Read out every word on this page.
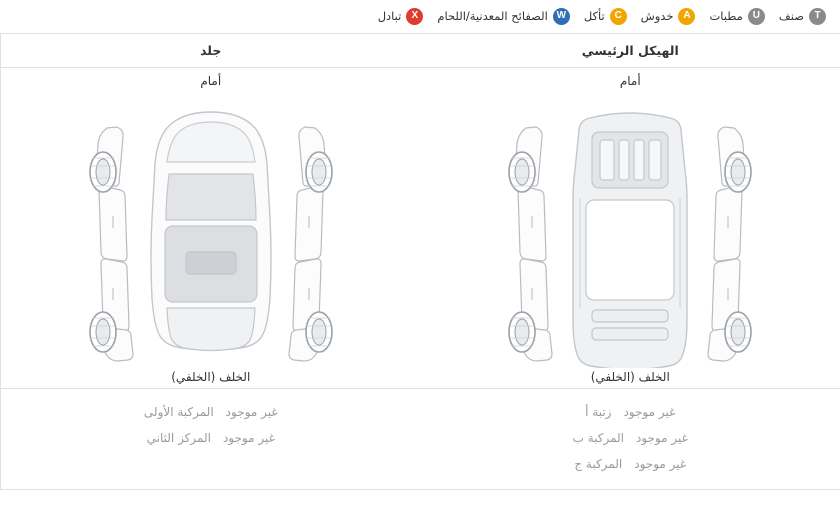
T
صنف
U
مطبات
A
خدوش
C
تأكل
W
الصفائح المعدنية/اللحام
X
ﺗﺒﺎدل
الهيكل الرئيسي
جلد
أمام
الخلف (الخلفي)
غير موجود
زتبة أ
غير موجود
المركبة ب
غير موجود
المركبة ج
أمام
الخلف (الخلفي)
غير موجود
المركبة الأولى
غير موجود
المركز الثاني
